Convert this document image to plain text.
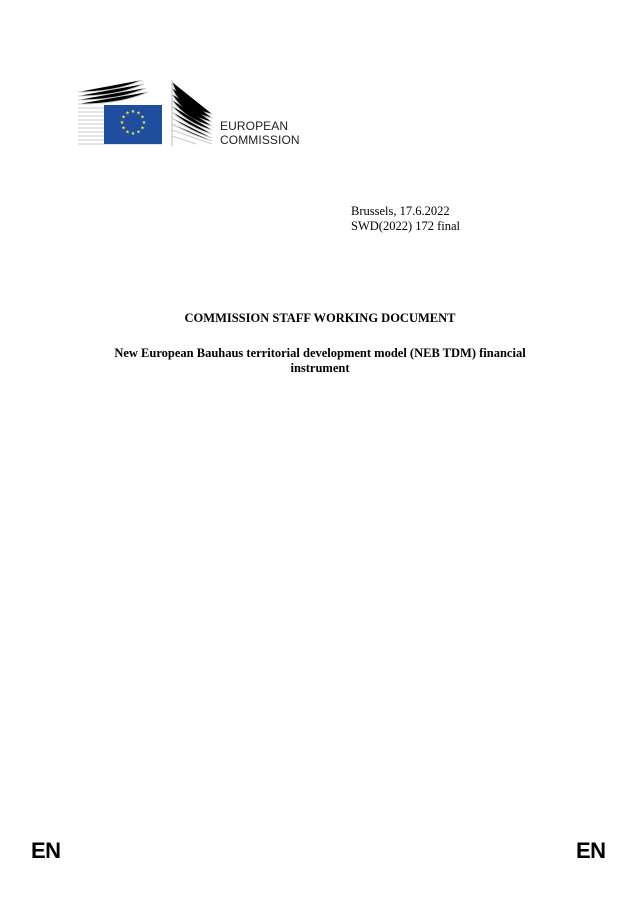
★ ★
★
★
★
★
★
★
★
★
★
★
EUROPEAN
COMMISSION
Brussels, 17.6.2022
SWD(2022) 172 final
COMMISSION STAFF WORKING DOCUMENT
New European Bauhaus territorial development model (NEB TDM) financial instrument
EN	EN
